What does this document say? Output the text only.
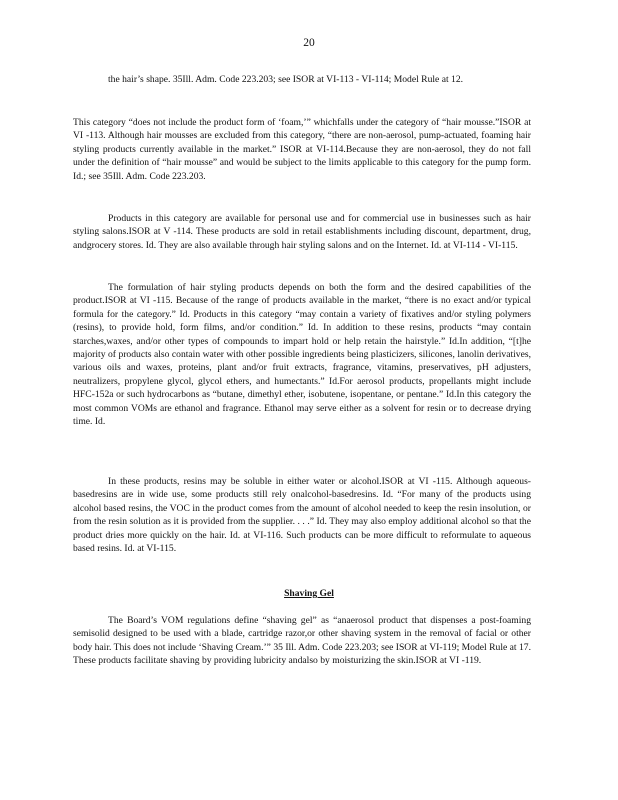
20

the hair’s shape. 35Ill. Adm. Code 223.203; see ISOR at VI-113 - VI-114; Model Rule at 12.

This category “does not include the product form of ‘foam,’” whichfalls under the category of “hair mousse.”ISOR at VI -113. Although hair mousses are excluded from this category, “there are non-aerosol, pump-actuated, foaming hair styling products currently available in the market.” ISOR at VI-114.Because they are non-aerosol, they do not fall under the definition of “hair mousse” and would be subject to the limits applicable to this category for the pump form. Id.; see 35Ill. Adm. Code 223.203.

Products in this category are available for personal use and for commercial use in businesses such as hair styling salons.ISOR at V -114. These products are sold in retail establishments including discount, department, drug, andgrocery stores. Id. They are also available through hair styling salons and on the Internet. Id. at VI-114 - VI-115.

The formulation of hair styling products depends on both the form and the desired capabilities of the product.ISOR at VI -115. Because of the range of products available in the market, “there is no exact and/or typical formula for the category.” Id. Products in this category “may contain a variety of fixatives and/or styling polymers (resins), to provide hold, form films, and/or condition.” Id. In addition to these resins, products “may contain starches,waxes, and/or other types of compounds to impart hold or help retain the hairstyle.” Id.In addition, “[t]he majority of products also contain water with other possible ingredients being plasticizers, silicones, lanolin derivatives, various oils and waxes, proteins, plant and/or fruit extracts, fragrance, vitamins, preservatives, pH adjusters, neutralizers, propylene glycol, glycol ethers, and humectants.” Id.For aerosol products, propellants might include HFC-152a or such hydrocarbons as “butane, dimethyl ether, isobutene, isopentane, or pentane.” Id.In this category the most common VOMs are ethanol and fragrance. Ethanol may serve either as a solvent for resin or to decrease drying time. Id.

In these products, resins may be soluble in either water or alcohol.ISOR at VI -115. Although aqueous-basedresins are in wide use, some products still rely onalcohol-basedresins. Id. “For many of the products using alcohol based resins, the VOC in the product comes from the amount of alcohol needed to keep the resin insolution, or from the resin solution as it is provided from the supplier. . . .” Id. They may also employ additional alcohol so that the product dries more quickly on the hair. Id. at VI-116. Such products can be more difficult to reformulate to aqueous based resins. Id. at VI-115.

Shaving Gel

The Board’s VOM regulations define “shaving gel” as “anaerosol product that dispenses a post-foaming semisolid designed to be used with a blade, cartridge razor,or other shaving system in the removal of facial or other body hair. This does not include ‘Shaving Cream.’” 35 Ill. Adm. Code 223.203; see ISOR at VI-119; Model Rule at 17. These products facilitate shaving by providing lubricity andalso by moisturizing the skin.ISOR at VI -119.
